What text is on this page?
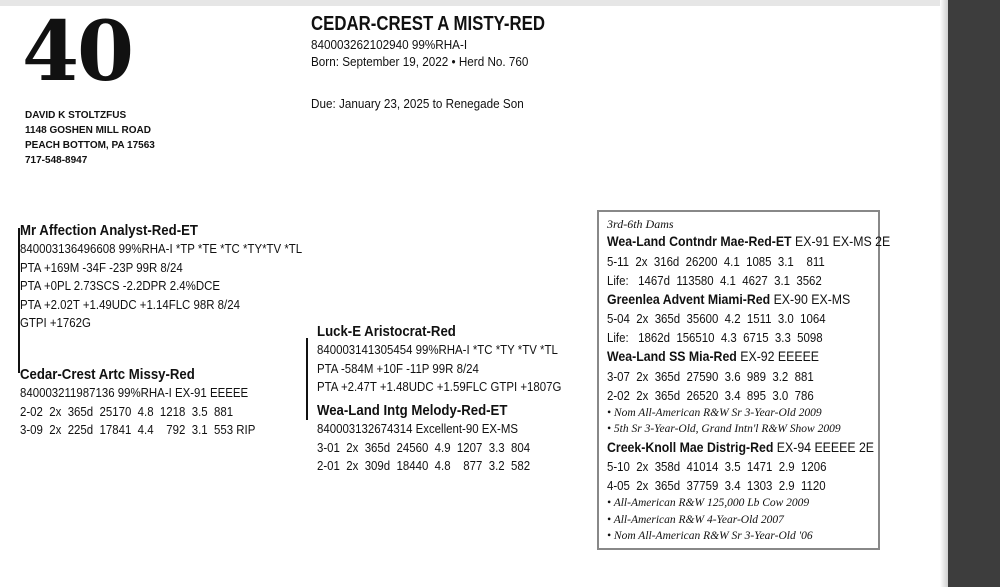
40
DAVID K STOLTZFUS
1148 GOSHEN MILL ROAD
PEACH BOTTOM, PA 17563
717-548-8947
CEDAR-CREST A MISTY-RED
840003262102940 99%RHA-I
Born: September 19, 2022 • Herd No. 760
Due: January 23, 2025 to Renegade Son
Mr Affection Analyst-Red-ET
840003136496608 99%RHA-I *TP *TE *TC *TY*TV *TL
PTA +169M -34F -23P 99R 8/24
PTA +0PL 2.73SCS -2.2DPR 2.4%DCE
PTA +2.02T +1.49UDC +1.14FLC 98R 8/24
GTPI +1762G
Cedar-Crest Artc Missy-Red
840003211987136 99%RHA-I EX-91 EEEEE
2-02  2x  365d  25170  4.8  1218  3.5  881
3-09  2x  225d  17841  4.4    792  3.1  553 RIP
Luck-E Aristocrat-Red
840003141305454 99%RHA-I *TC *TY *TV *TL
PTA -584M +10F -11P 99R 8/24
PTA +2.47T +1.48UDC +1.59FLC GTPI +1807G
Wea-Land Intg Melody-Red-ET
840003132674314 Excellent-90 EX-MS
3-01  2x  365d  24560  4.9  1207  3.3  804
2-01  2x  309d  18440  4.8    877  3.2  582
3rd-6th Dams
Wea-Land Contndr Mae-Red-ET EX-91 EX-MS 2E
5-11  2x  316d  26200  4.1  1085  3.1    811
Life:   1467d  113580  4.1  4627  3.1  3562
Greenlea Advent Miami-Red EX-90 EX-MS
5-04  2x  365d  35600  4.2  1511  3.0  1064
Life:   1862d  156510  4.3  6715  3.3  5098
Wea-Land SS Mia-Red EX-92 EEEEE
3-07  2x  365d  27590  3.6  989  3.2  881
2-02  2x  365d  26520  3.4  895  3.0  786
• Nom All-American R&W Sr 3-Year-Old 2009
• 5th Sr 3-Year-Old, Grand Intn'l R&W Show 2009
Creek-Knoll Mae Distrig-Red EX-94 EEEEE 2E
5-10  2x  358d  41014  3.5  1471  2.9  1206
4-05  2x  365d  37759  3.4  1303  2.9  1120
• All-American R&W 125,000 Lb Cow 2009
• All-American R&W 4-Year-Old 2007
• Nom All-American R&W Sr 3-Year-Old '06
